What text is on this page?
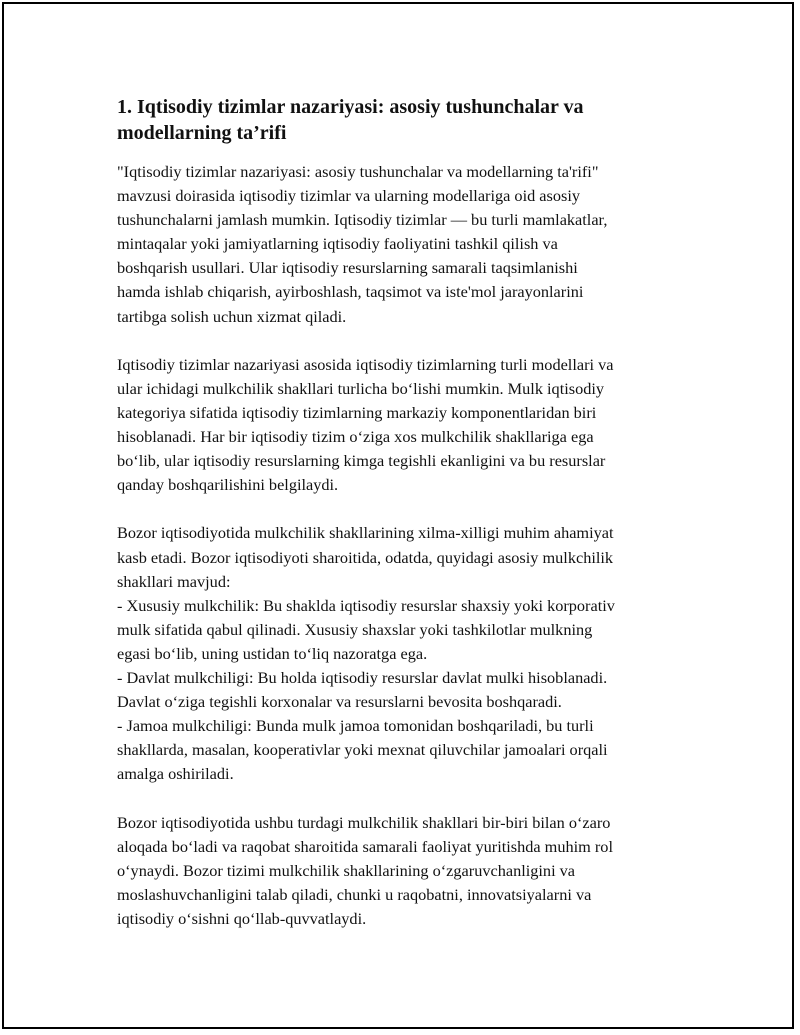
1. Iqtisodiy tizimlar nazariyasi: asosiy tushunchalar va modellarning ta’rifi
"Iqtisodiy tizimlar nazariyasi: asosiy tushunchalar va modellarning ta'rifi"
mavzusi doirasida iqtisodiy tizimlar va ularning modellariga oid asosiy
tushunchalarni jamlash mumkin. Iqtisodiy tizimlar — bu turli mamlakatlar,
mintaqalar yoki jamiyatlarning iqtisodiy faoliyatini tashkil qilish va
boshqarish usullari. Ular iqtisodiy resurslarning samarali taqsimlanishi
hamda ishlab chiqarish, ayirboshlash, taqsimot va iste'mol jarayonlarini
tartibga solish uchun xizmat qiladi.
Iqtisodiy tizimlar nazariyasi asosida iqtisodiy tizimlarning turli modellari va
ular ichidagi mulkchilik shakllari turlicha boʻlishi mumkin. Mulk iqtisodiy
kategoriya sifatida iqtisodiy tizimlarning markaziy komponentlaridan biri
hisoblanadi. Har bir iqtisodiy tizim oʻziga xos mulkchilik shakllariga ega
boʻlib, ular iqtisodiy resurslarning kimga tegishli ekanligini va bu resurslar
qanday boshqarilishini belgilaydi.
Bozor iqtisodiyotida mulkchilik shakllarining xilma-xilligi muhim ahamiyat
kasb etadi. Bozor iqtisodiyoti sharoitida, odatda, quyidagi asosiy mulkchilik
shakllari mavjud:
- Xususiy mulkchilik: Bu shaklda iqtisodiy resurslar shaxsiy yoki korporativ
mulk sifatida qabul qilinadi. Xususiy shaxslar yoki tashkilotlar mulkning
egasi boʻlib, uning ustidan toʻliq nazoratga ega.
- Davlat mulkchiligi: Bu holda iqtisodiy resurslar davlat mulki hisoblanadi.
Davlat oʻziga tegishli korxonalar va resurslarni bevosita boshqaradi.
- Jamoa mulkchiligi: Bunda mulk jamoa tomonidan boshqariladi, bu turli
shakllarda, masalan, kooperativlar yoki mexnat qiluvchilar jamoalari orqali
amalga oshiriladi.
Bozor iqtisodiyotida ushbu turdagi mulkchilik shakllari bir-biri bilan oʻzaro
aloqada boʻladi va raqobat sharoitida samarali faoliyat yuritishda muhim rol
oʻynaydi. Bozor tizimi mulkchilik shakllarining oʻzgaruvchanligini va
moslashuvchanligini talab qiladi, chunki u raqobatni, innovatsiyalarni va
iqtisodiy oʻsishni qoʻllab-quvvatlaydi.
